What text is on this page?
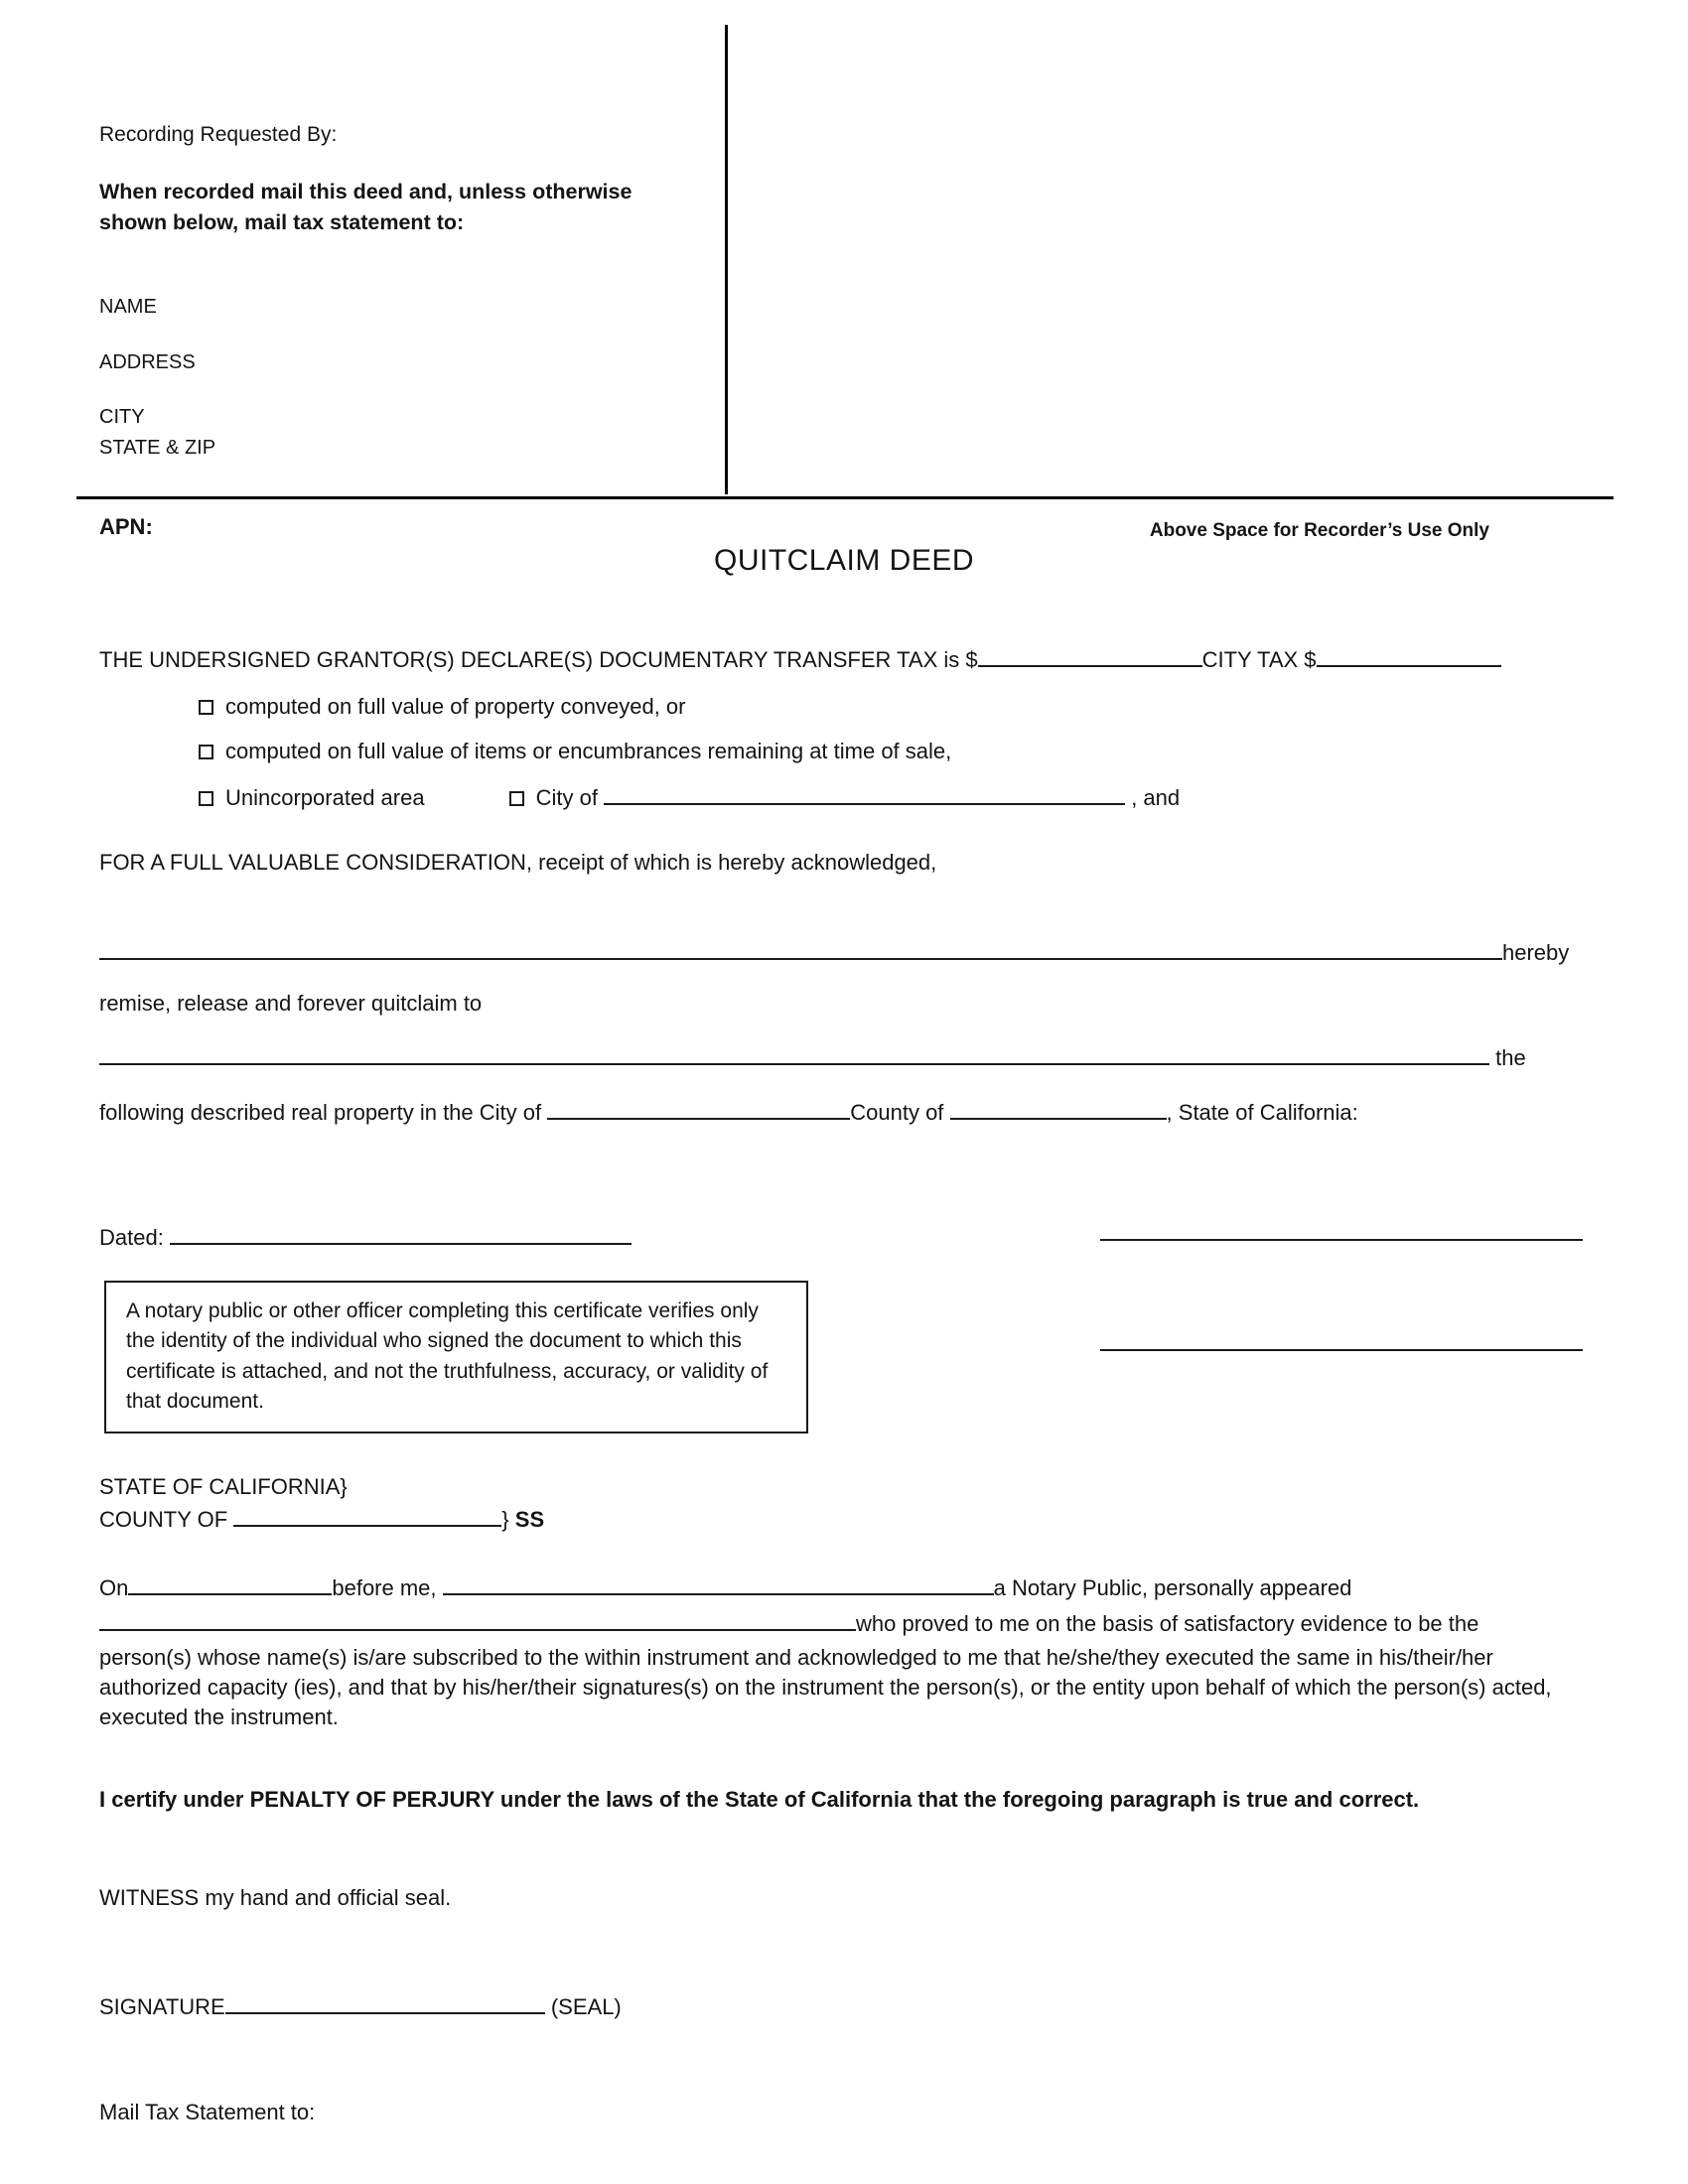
Recording Requested By:
When recorded mail this deed and, unless otherwise shown below, mail tax statement to:
NAME
ADDRESS
CITY
STATE & ZIP
APN:	Above Space for Recorder’s Use Only
QUITCLAIM DEED
THE UNDERSIGNED GRANTOR(S) DECLARE(S) DOCUMENTARY TRANSFER TAX is $	CITY TAX $
computed on full value of property conveyed, or
computed on full value of items or encumbrances remaining at time of sale,
Unincorporated area	City of	, and
FOR A FULL VALUABLE CONSIDERATION, receipt of which is hereby acknowledged,
hereby
remise, release and forever quitclaim to
the
following described real property in the City of	County of	, State of California:
Dated:
A notary public or other officer completing this certificate verifies only the identity of the individual who signed the document to which this certificate is attached, and not the truthfulness, accuracy, or validity of that document.
STATE OF CALIFORNIA}
COUNTY OF	} SS
On	before me,	a Notary Public, personally appeared
who proved to me on the basis of satisfactory evidence to be the
person(s) whose name(s) is/are subscribed to the within instrument and acknowledged to me that he/she/they executed the same in his/their/her authorized capacity (ies), and that by his/her/their signatures(s) on the instrument the person(s), or the entity upon behalf of which the person(s) acted, executed the instrument.
I certify under PENALTY OF PERJURY under the laws of the State of California that the foregoing paragraph is true and correct.
WITNESS my hand and official seal.
SIGNATURE	(SEAL)
Mail Tax Statement to:
